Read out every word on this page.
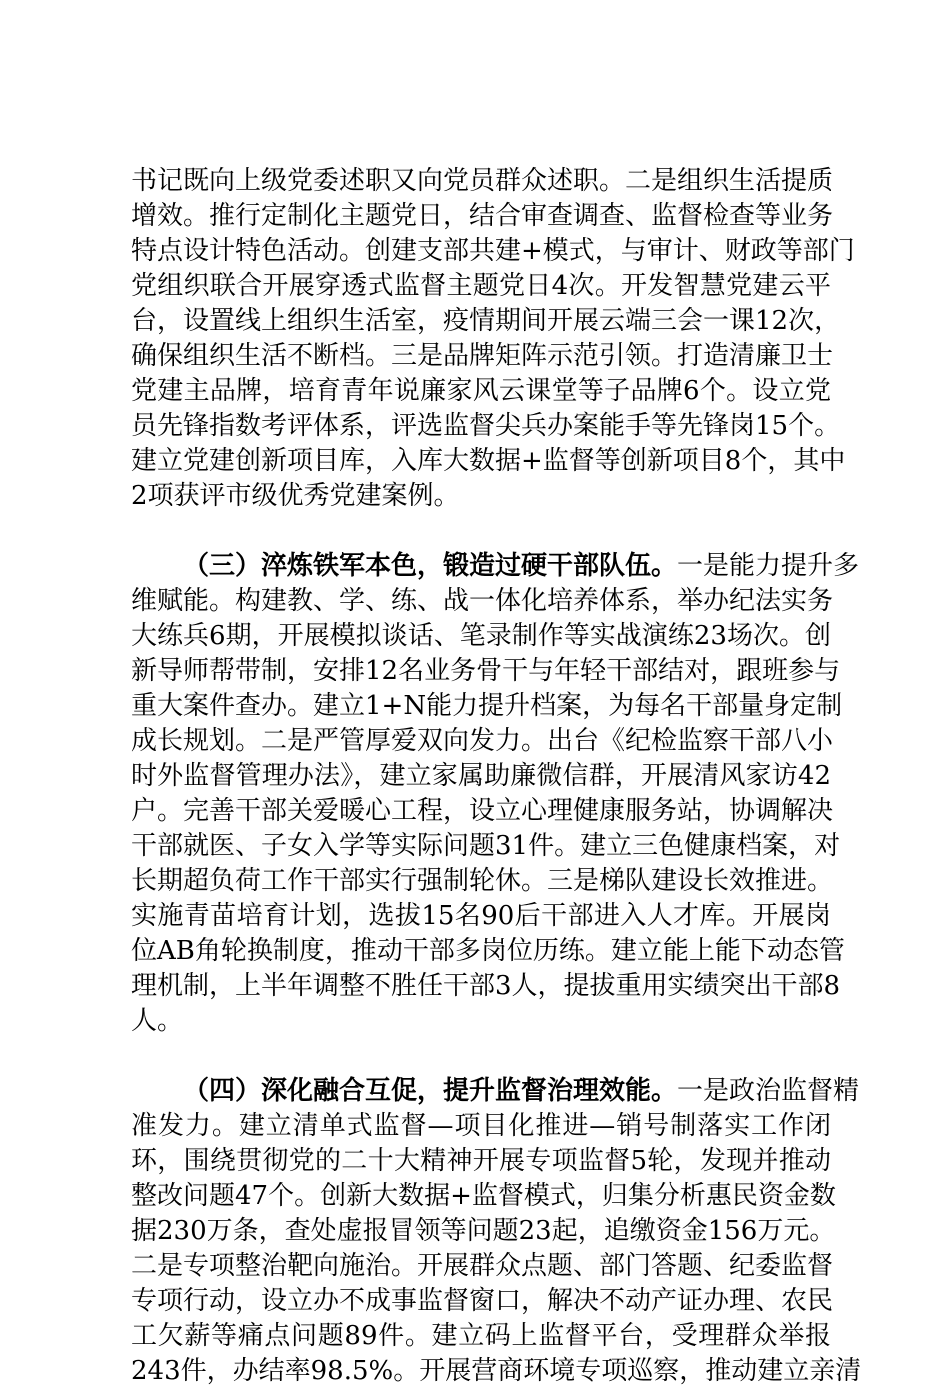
书记既向上级党委述职又向党员群众述职。二是组织生活提质
增效。推行定制化主题党日，结合审查调查、监督检查等业务
特点设计特色活动。创建支部共建+模式，与审计、财政等部门
党组织联合开展穿透式监督主题党日4次。开发智慧党建云平
台，设置线上组织生活室，疫情期间开展云端三会一课12次，
确保组织生活不断档。三是品牌矩阵示范引领。打造清廉卫士
党建主品牌，培育青年说廉家风云课堂等子品牌6个。设立党
员先锋指数考评体系，评选监督尖兵办案能手等先锋岗15个。
建立党建创新项目库，入库大数据+监督等创新项目8个，其中
2项获评市级优秀党建案例。
（三）淬炼铁军本色，锻造过硬干部队伍。一是能力提升多
维赋能。构建教、学、练、战一体化培养体系，举办纪法实务
大练兵6期，开展模拟谈话、笔录制作等实战演练23场次。创
新导师帮带制，安排12名业务骨干与年轻干部结对，跟班参与
重大案件查办。建立1+N能力提升档案，为每名干部量身定制
成长规划。二是严管厚爱双向发力。出台《纪检监察干部八小
时外监督管理办法》，建立家属助廉微信群，开展清风家访42
户。完善干部关爱暖心工程，设立心理健康服务站，协调解决
干部就医、子女入学等实际问题31件。建立三色健康档案，对
长期超负荷工作干部实行强制轮休。三是梯队建设长效推进。
实施青苗培育计划，选拔15名90后干部进入人才库。开展岗
位AB角轮换制度，推动干部多岗位历练。建立能上能下动态管
理机制，上半年调整不胜任干部3人，提拔重用实绩突出干部8
人。
（四）深化融合互促，提升监督治理效能。一是政治监督精
准发力。建立清单式监督—项目化推进—销号制落实工作闭
环，围绕贯彻党的二十大精神开展专项监督5轮，发现并推动
整改问题47个。创新大数据+监督模式，归集分析惠民资金数
据230万条，查处虚报冒领等问题23起，追缴资金156万元。
二是专项整治靶向施治。开展群众点题、部门答题、纪委监督
专项行动，设立办不成事监督窗口，解决不动产证办理、农民
工欠薪等痛点问题89件。建立码上监督平台，受理群众举报
243件，办结率98.5%。开展营商环境专项巡察，推动建立亲清
